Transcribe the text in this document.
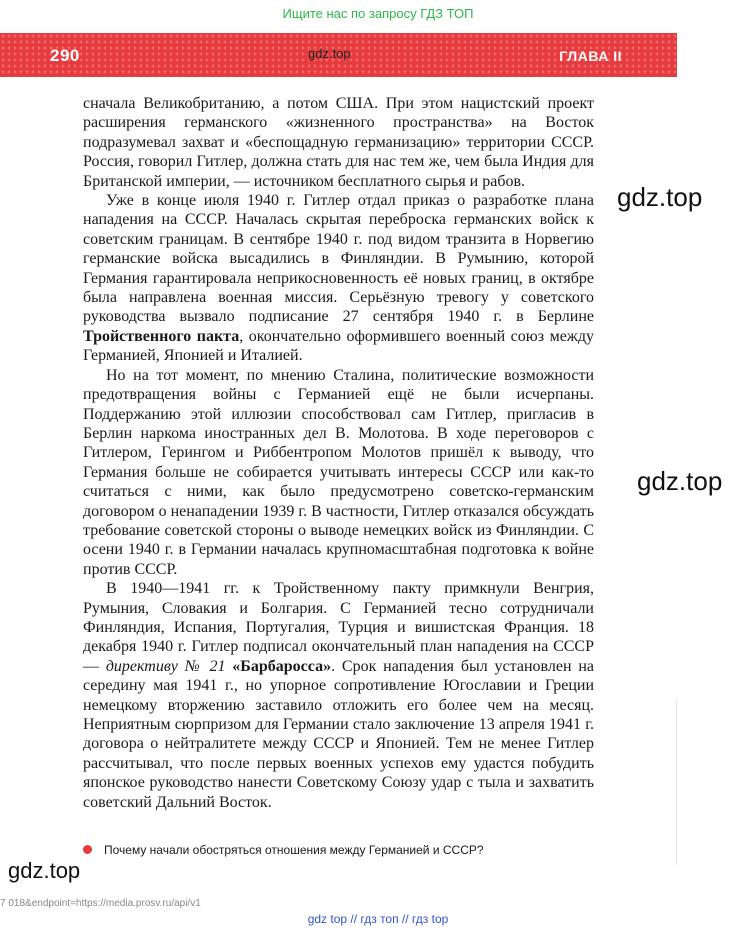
Ищите нас по запросу ГДЗ ТОП
290	gdz.top	ГЛАВА II

сначала Великобританию, а потом США. При этом нацистский проект расширения германского «жизненного пространства» на Восток подразумевал захват и «беспощадную германизацию» территории СССР. Россия, говорил Гитлер, должна стать для нас тем же, чем была Индия для Британской империи, — источником бесплатного сырья и рабов.

Уже в конце июля 1940 г. Гитлер отдал приказ о разработке плана нападения на СССР. Началась скрытая переброска германских войск к советским границам. В сентябре 1940 г. под видом транзита в Норвегию германские войска высадились в Финляндии. В Румынию, которой Германия гарантировала неприкосновенность её новых границ, в октябре была направлена военная миссия. Серьёзную тревогу у советского руководства вызвало подписание 27 сентября 1940 г. в Берлине Тройственного пакта, окончательно оформившего военный союз между Германией, Японией и Италией.

Но на тот момент, по мнению Сталина, политические возможности предотвращения войны с Германией ещё не были исчерпаны. Поддержанию этой иллюзии способствовал сам Гитлер, пригласив в Берлин наркома иностранных дел В. Молотова. В ходе переговоров с Гитлером, Герингом и Риббентропом Молотов пришёл к выводу, что Германия больше не собирается учитывать интересы СССР или как-то считаться с ними, как было предусмотрено советско-германским договором о ненападении 1939 г. В частности, Гитлер отказался обсуждать требование советской стороны о выводе немецких войск из Финляндии. С осени 1940 г. в Германии началась крупномасштабная подготовка к войне против СССР.

В 1940—1941 гг. к Тройственному пакту примкнули Венгрия, Румыния, Словакия и Болгария. С Германией тесно сотрудничали Финляндия, Испания, Португалия, Турция и вишистская Франция. 18 декабря 1940 г. Гитлер подписал окончательный план нападения на СССР — директиву № 21 «Барбаросса». Срок нападения был установлен на середину мая 1941 г., но упорное сопротивление Югославии и Греции немецкому вторжению заставило отложить его более чем на месяц. Неприятным сюрпризом для Германии стало заключение 13 апреля 1941 г. договора о нейтралитете между СССР и Японией. Тем не менее Гитлер рассчитывал, что после первых военных успехов ему удастся побудить японское руководство нанести Советскому Союзу удар с тыла и захватить советский Дальний Восток.

Почему начали обостряться отношения между Германией и СССР?
gdz.top
gdz.top
gdz.top
7 018&endpoint=https://media.prosv.ru/api/v1
gdz top // гдз топ // гдз top
